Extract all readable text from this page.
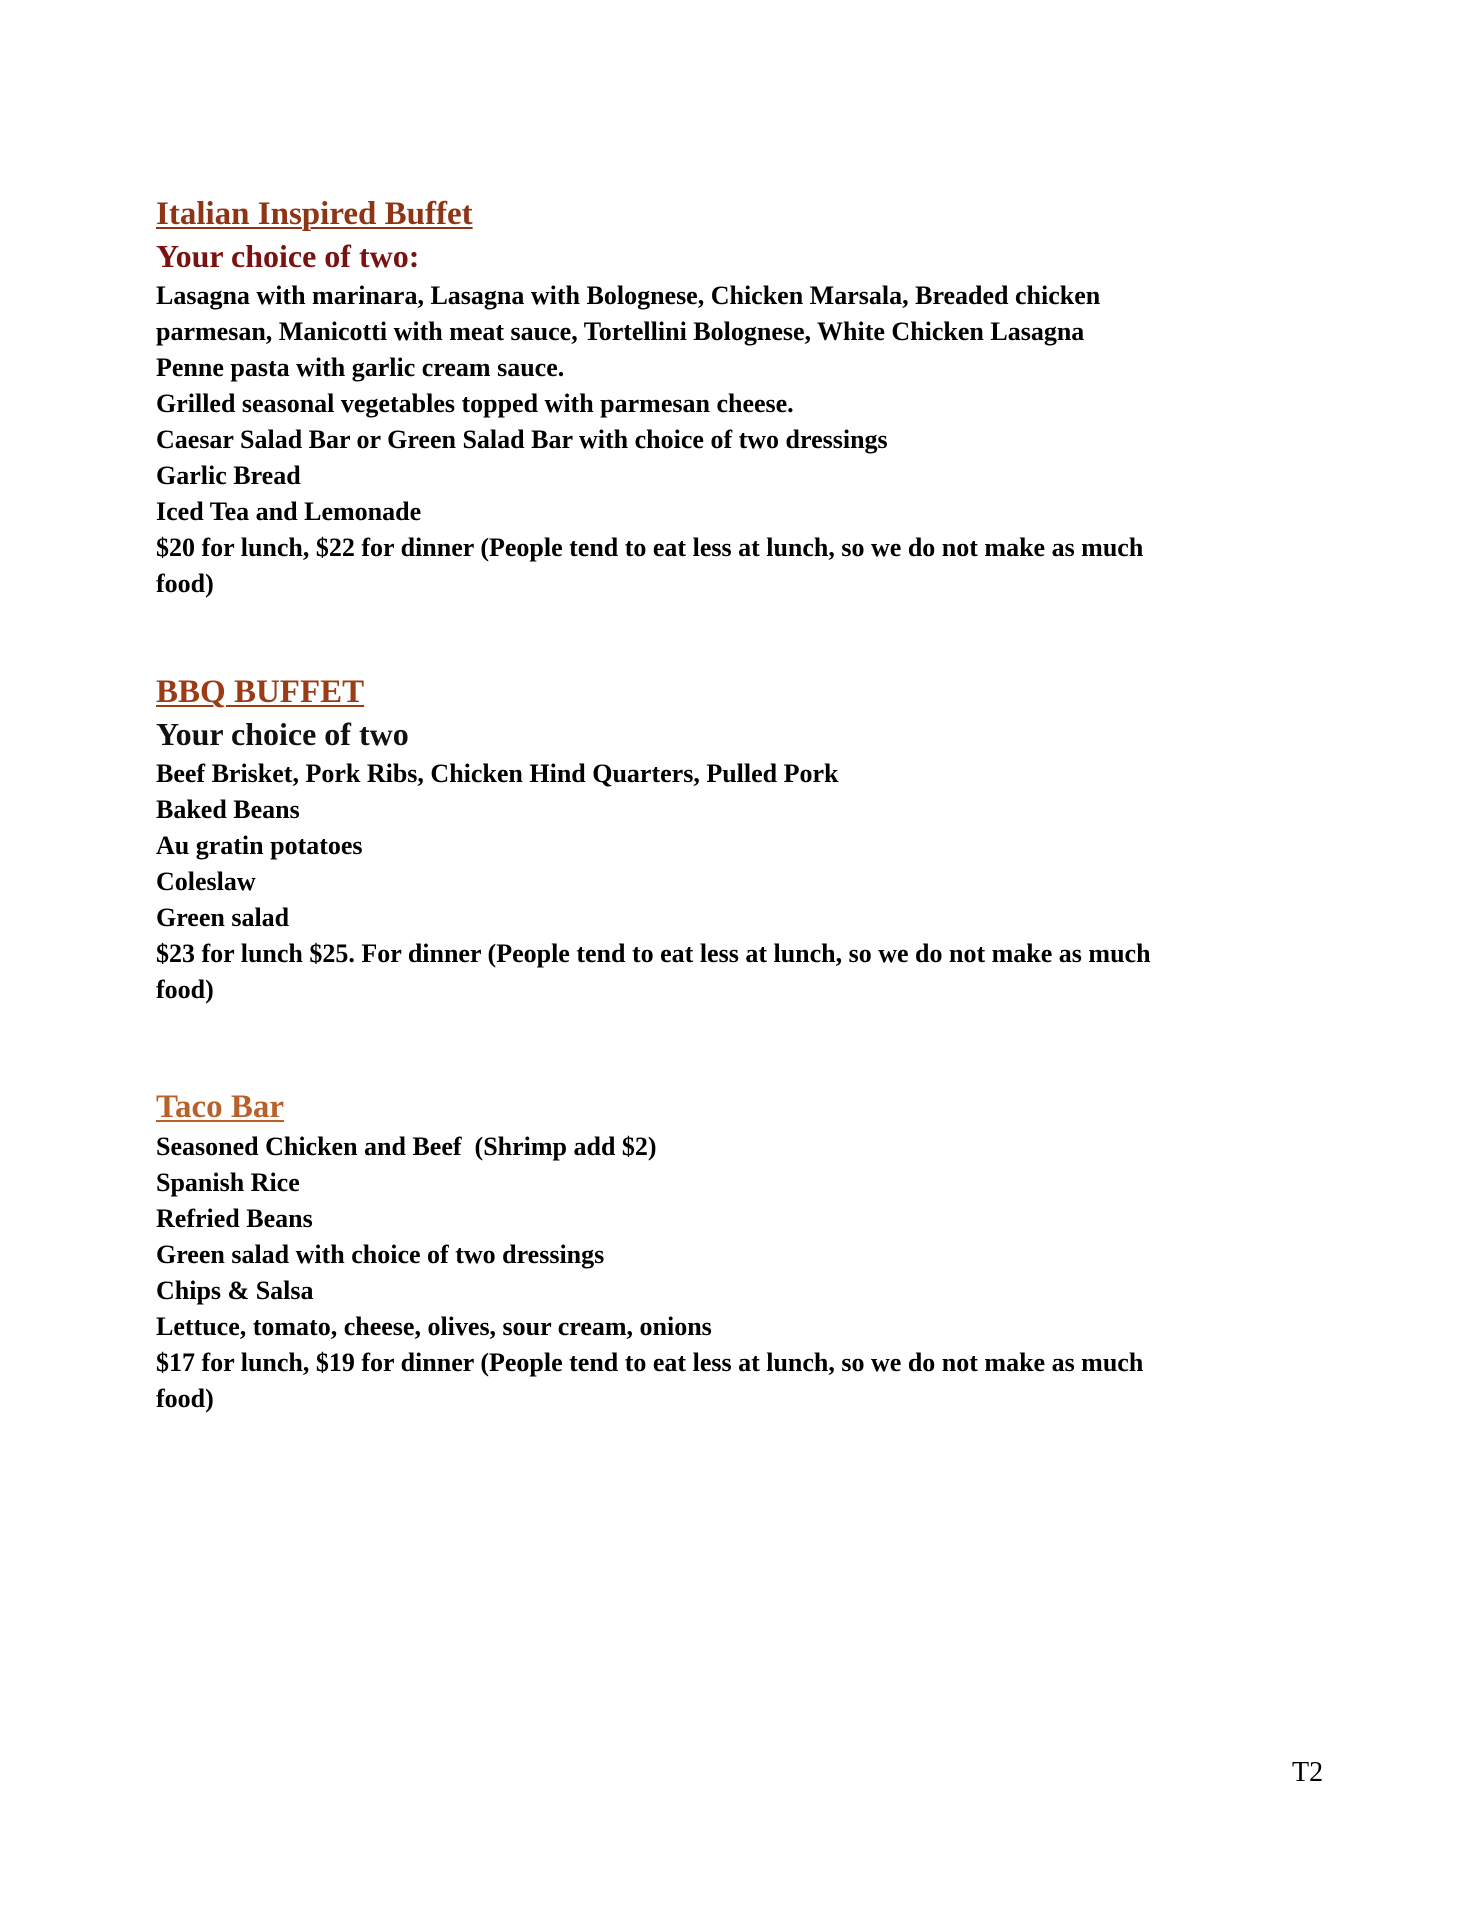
Italian Inspired Buffet
Your choice of two:
Lasagna with marinara, Lasagna with Bolognese, Chicken Marsala, Breaded chicken
parmesan, Manicotti with meat sauce, Tortellini Bolognese, White Chicken Lasagna
Penne pasta with garlic cream sauce.
Grilled seasonal vegetables topped with parmesan cheese.
Caesar Salad Bar or Green Salad Bar with choice of two dressings
Garlic Bread
Iced Tea and Lemonade
$20 for lunch, $22 for dinner (People tend to eat less at lunch, so we do not make as much
food)
BBQ BUFFET
Your choice of two
Beef Brisket, Pork Ribs, Chicken Hind Quarters, Pulled Pork
Baked Beans
Au gratin potatoes
Coleslaw
Green salad
$23 for lunch $25. For dinner (People tend to eat less at lunch, so we do not make as much
food)
Taco Bar
Seasoned Chicken and Beef  (Shrimp add $2)
Spanish Rice
Refried Beans
Green salad with choice of two dressings
Chips & Salsa
Lettuce, tomato, cheese, olives, sour cream, onions
$17 for lunch, $19 for dinner (People tend to eat less at lunch, so we do not make as much
food)
T2
